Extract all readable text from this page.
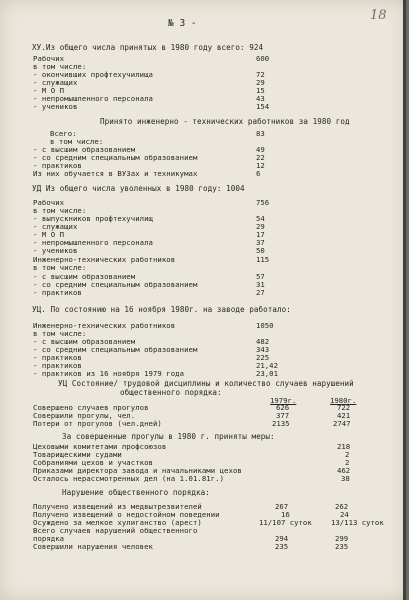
№ 3 -
18
ХУ.Из общего числа принятых в 1980 году всего: 924
Рабочих	600
в том числе:
- окончивших профтехучилища	72
- служащих	29
- М О П	15
- непромышленного персонала	43
- учеников	154
Принято инженерно - технических работников за 1980 год
Всего:	83
в том числе:
- с высшим образованием	49
- со средним специальным образованием	22
- практиков	12
Из них обучается в ВУЗах и техникумах	6
УД Из общего числа уволенных в 1980 году: 1004
Рабочих	756
в том числе:
- выпускников профтехучилищ	54
- служащих	29
- М О П	17
- непромышленного персонала	37
- учеников	50
Инженерно-технических работников	115
в том числе:
- с высшим образованием	57
- со средним специальным образованием	31
- практиков	27
УЦ. По состоянию на 16 ноября 1980г. на заводе работало:
Инженерно-технических работников	1050
в том числе:
- с высшим образованием	482
- со средним специальным образованием	343
- практиков	225
- практиков	21,42
- практиков из 16 ноября 1979 года	23,01
УЦ Состояние/ трудовой дисциплины и количество случаев нарушений
общественного порядка:
1979г.	1980г.
Совершено случаев прогулов	626	722
Совершили прогулы, чел.	377	421
Потери от прогулов (чел.дней)	2135	2747
За совершенные прогулы в 1980 г. приняты меры:
Цеховыми комитетами профсоюзов	218
Товарищескими судами	2
Собраниями цехов и участков	2
Приказами директора завода и начальниками цехов	462
Осталось нерассмотренных дел (на 1.01.81г.)	38
Нарушение общественного порядка:
Получено извещений из медвытрезвителей	267	262
Получено извещений о недостойном поведении	16	24
Осуждено за мелкое хулиганство (арест)	11/107 суток	13/113 суток
Всего случаев нарушений общественного
порядка	294	299
Совершили нарушения человек	235	235
